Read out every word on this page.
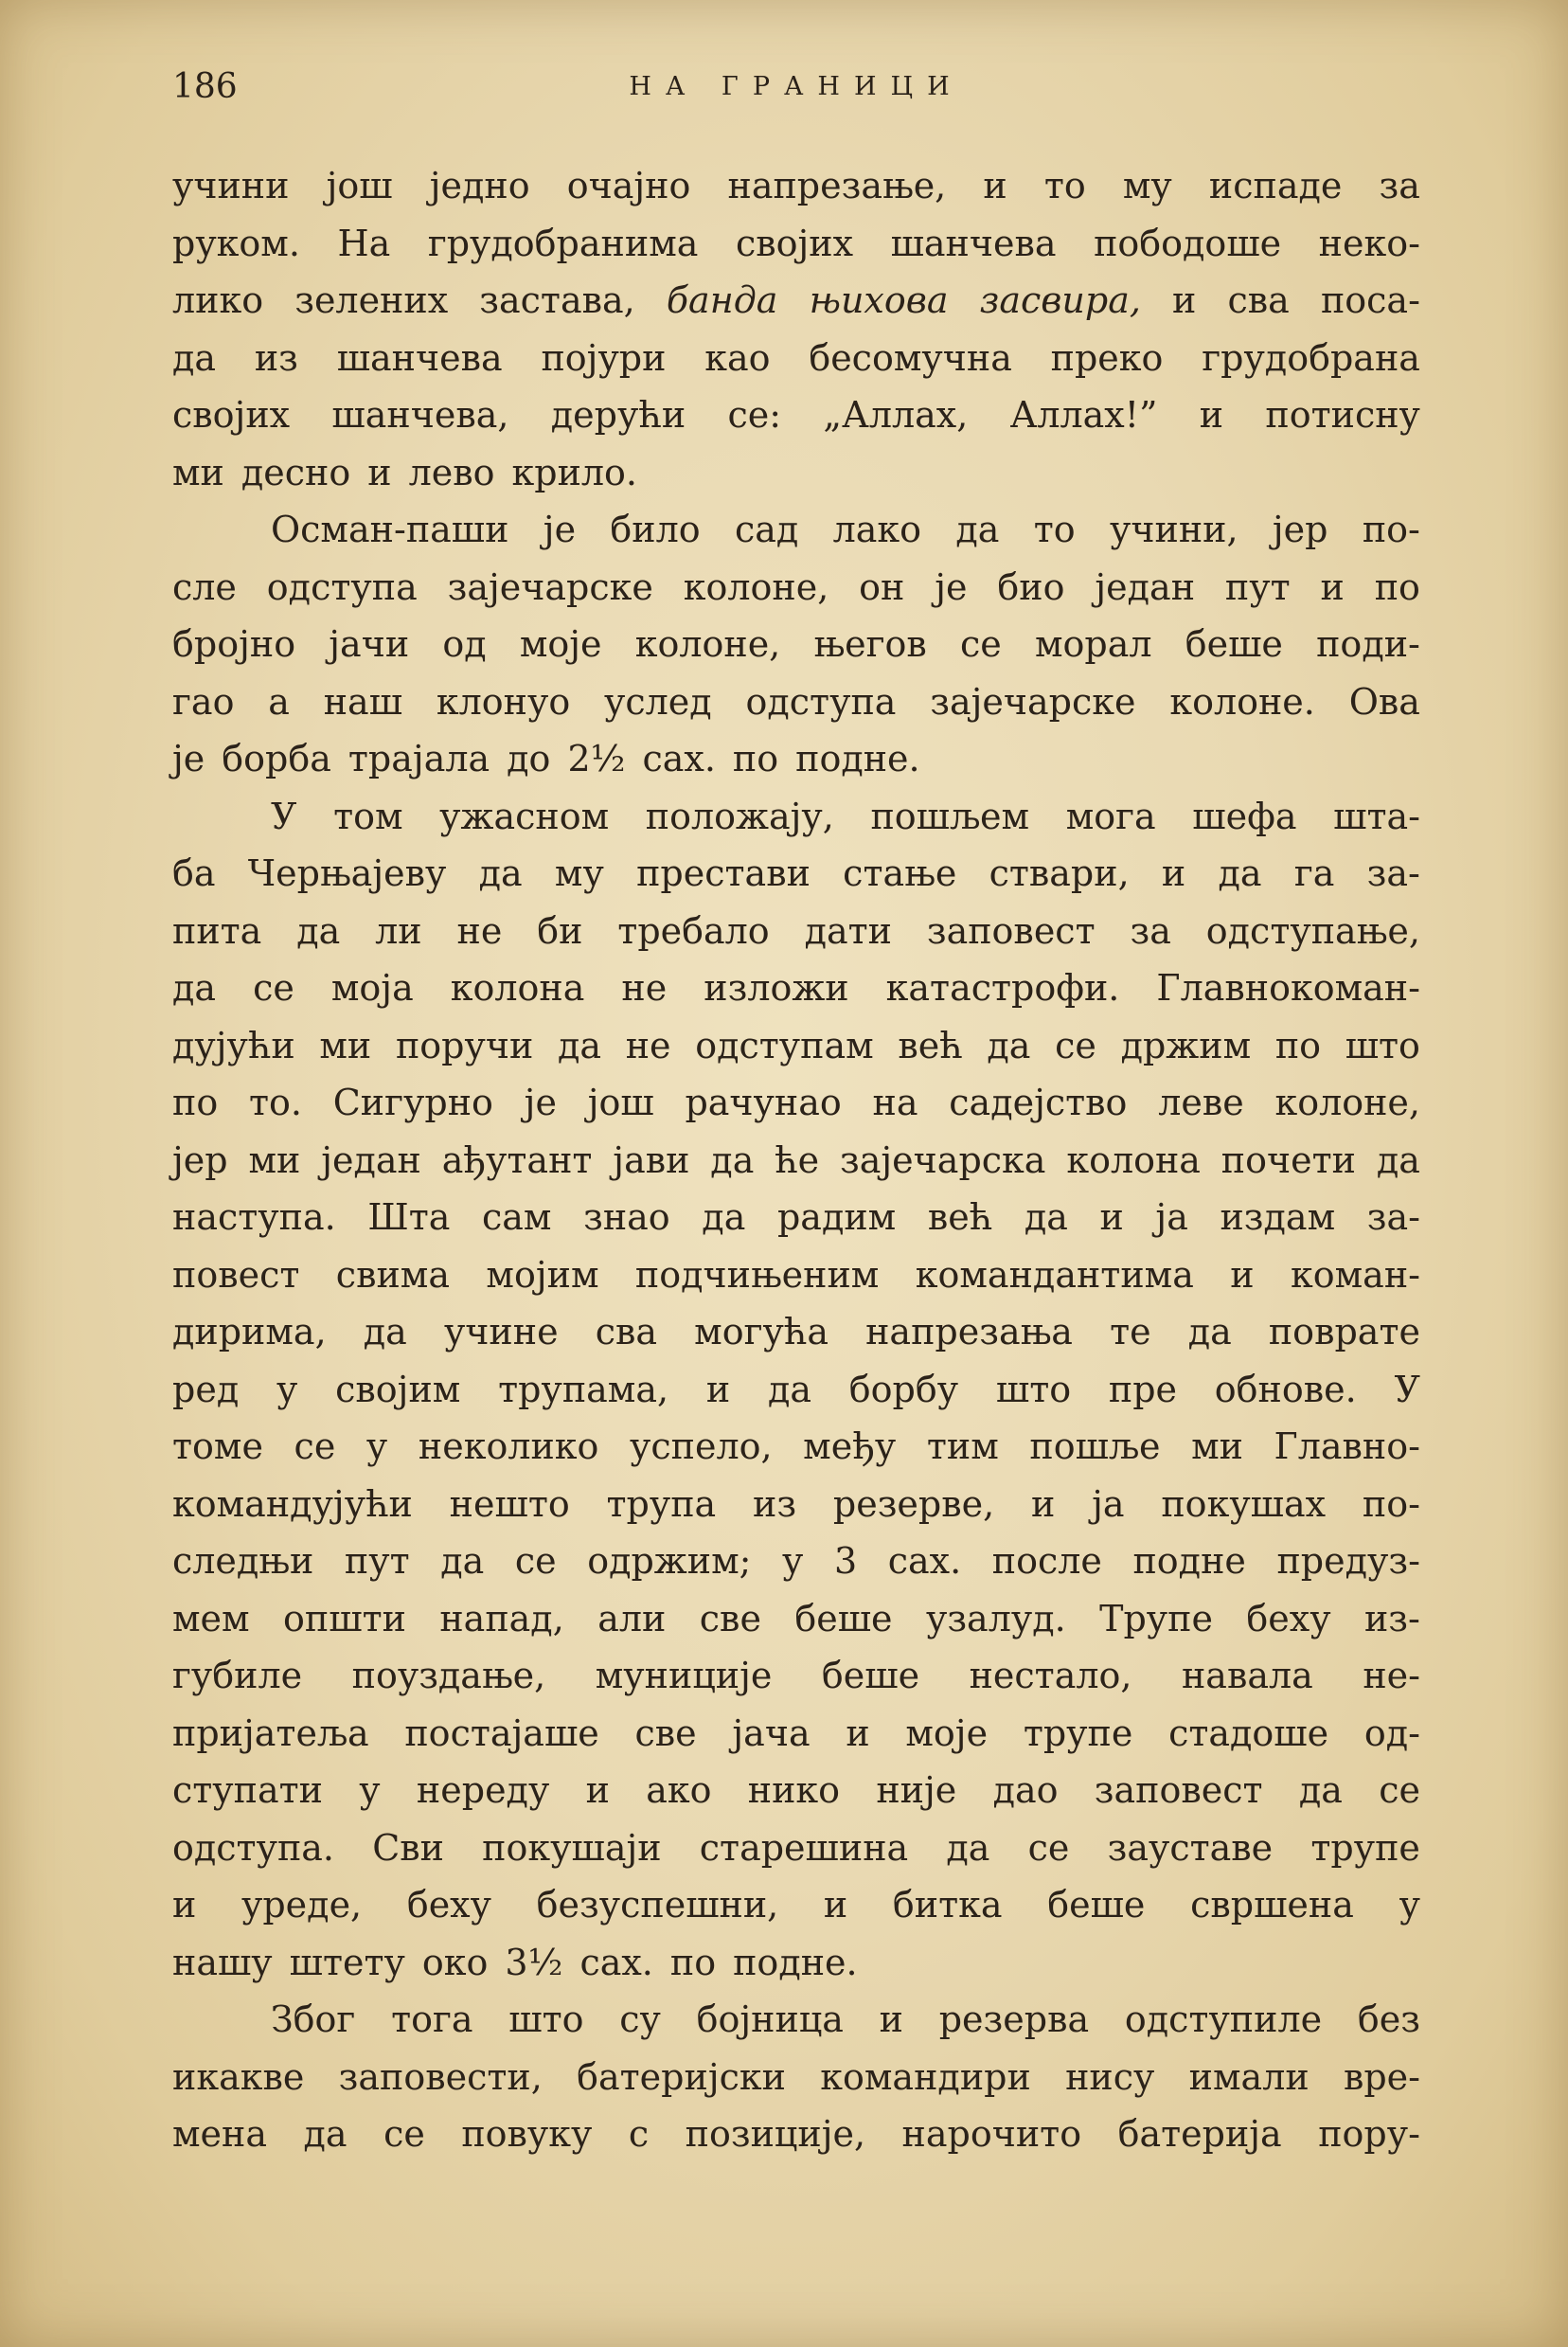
186	НА ГРАНИЦИ
учини још једно очајно напрезање, и то му испаде за
руком. На грудобранима својих шанчева пободоше неко-
лико зелених застава, банда њихова засвира, и сва поса-
да из шанчева појури као бесомучна преко грудобрана
својих шанчева, дерући се: „Аллах, Аллах!” и потисну
ми десно и лево крило.
Осман-паши је било сад лако да то учини, јер по-
сле одступа зајечарске колоне, он је био један пут и по
бројно јачи од моје колоне, његов се морал беше поди-
гао а наш клонуо услед одступа зајечарске колоне. Ова
је борба трајала до 2½ сах. по подне.
У том ужасном положају, пошљем мога шефа шта-
ба Черњајеву да му престави стање ствари, и да га за-
пита да ли не би требало дати заповест за одступање,
да се моја колона не изложи катастрофи. Главнокоман-
дујући ми поручи да не одступам већ да се држим по што
по то. Сигурно је још рачунао на садејство леве колоне,
јер ми један ађутант јави да ће зајечарска колона почети да
наступа. Шта сам знао да радим већ да и ја издам за-
повест свима мојим подчињеним командантима и коман-
дирима, да учине сва могућа напрезања те да поврате
ред у својим трупама, и да борбу што пре обнове. У
томе се у неколико успело, међу тим пошље ми Главно-
командујући нешто трупа из резерве, и ја покушах по-
следњи пут да се одржим; у 3 сах. после подне предуз-
мем општи напад, али све беше узалуд. Трупе беху из-
губиле поуздање, муниције беше нестало, навала не-
пријатеља постајаше све јача и моје трупе стадоше од-
ступати у нереду и ако нико није дао заповест да се
одступа. Сви покушаји старешина да се зауставе трупе
и уреде, беху безуспешни, и битка беше свршена у
нашу штету око 3½ сах. по подне.
Због тога што су бојница и резерва одступиле без
икакве заповести, батеријски командири нису имали вре-
мена да се повуку с позиције, нарочито батерија пору-
